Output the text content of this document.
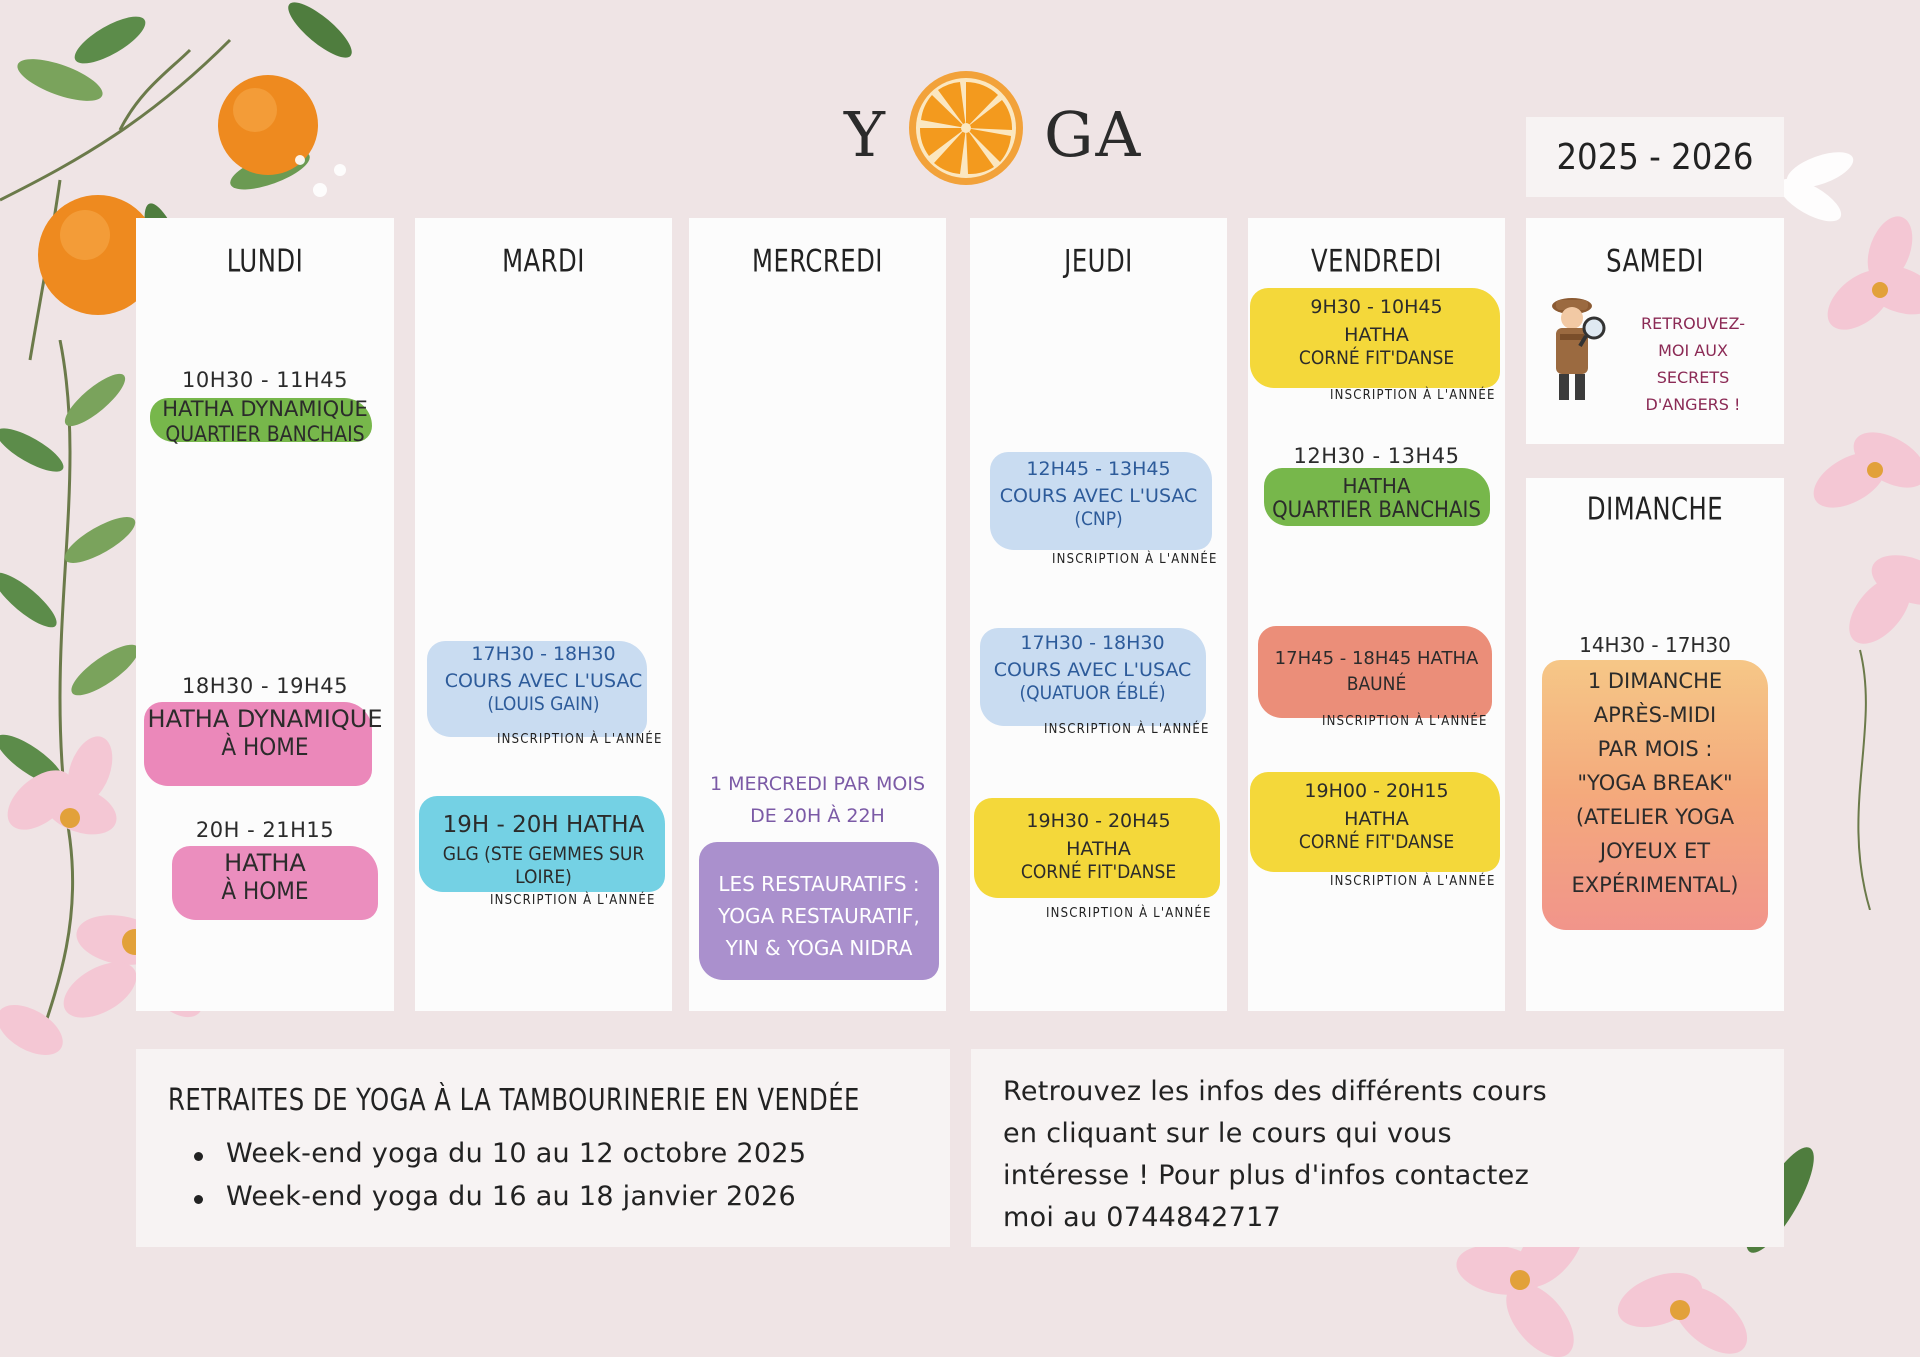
Y	GA	2025 - 2026
LUNDI
10H30 - 11H45
HATHA DYNAMIQUE
QUARTIER BANCHAIS
18H30 - 19H45
HATHA DYNAMIQUE
À HOME
20H - 21H15
HATHA
À HOME
MARDI
17H30 - 18H30
COURS AVEC L'USAC
(LOUIS GAIN)
INSCRIPTION À L'ANNÉE
19H - 20H HATHA
GLG (STE GEMMES SUR LOIRE)
INSCRIPTION À L'ANNÉE
MERCREDI
1 MERCREDI PAR MOIS
DE 20H À 22H
LES RESTAURATIFS :
YOGA RESTAURATIF,
YIN & YOGA NIDRA
JEUDI
12H45 - 13H45
COURS AVEC L'USAC
(CNP)
INSCRIPTION À L'ANNÉE
17H30 - 18H30
COURS AVEC L'USAC
(QUATUOR ÉBLÉ)
INSCRIPTION À L'ANNÉE
19H30 - 20H45
HATHA
CORNÉ FIT'DANSE
INSCRIPTION À L'ANNÉE
VENDREDI
9H30 - 10H45
HATHA
CORNÉ FIT'DANSE
INSCRIPTION À L'ANNÉE
12H30 - 13H45
HATHA
QUARTIER BANCHAIS
17H45 - 18H45 HATHA
BAUNÉ
INSCRIPTION À L'ANNÉE
19H00 - 20H15
HATHA
CORNÉ FIT'DANSE
INSCRIPTION À L'ANNÉE
SAMEDI
RETROUVEZ-
MOI AUX
SECRETS
D'ANGERS !
DIMANCHE
14H30 - 17H30
1 DIMANCHE
APRÈS-MIDI
PAR MOIS :
"YOGA BREAK"
(ATELIER YOGA
JOYEUX ET
EXPÉRIMENTAL)
RETRAITES DE YOGA À LA TAMBOURINERIE EN VENDÉE
Week-end yoga du 10 au 12 octobre 2025
Week-end yoga du 16 au 18 janvier 2026
Retrouvez les infos des différents cours
en cliquant sur le cours qui vous
intéresse ! Pour plus d'infos contactez
moi au 0744842717
